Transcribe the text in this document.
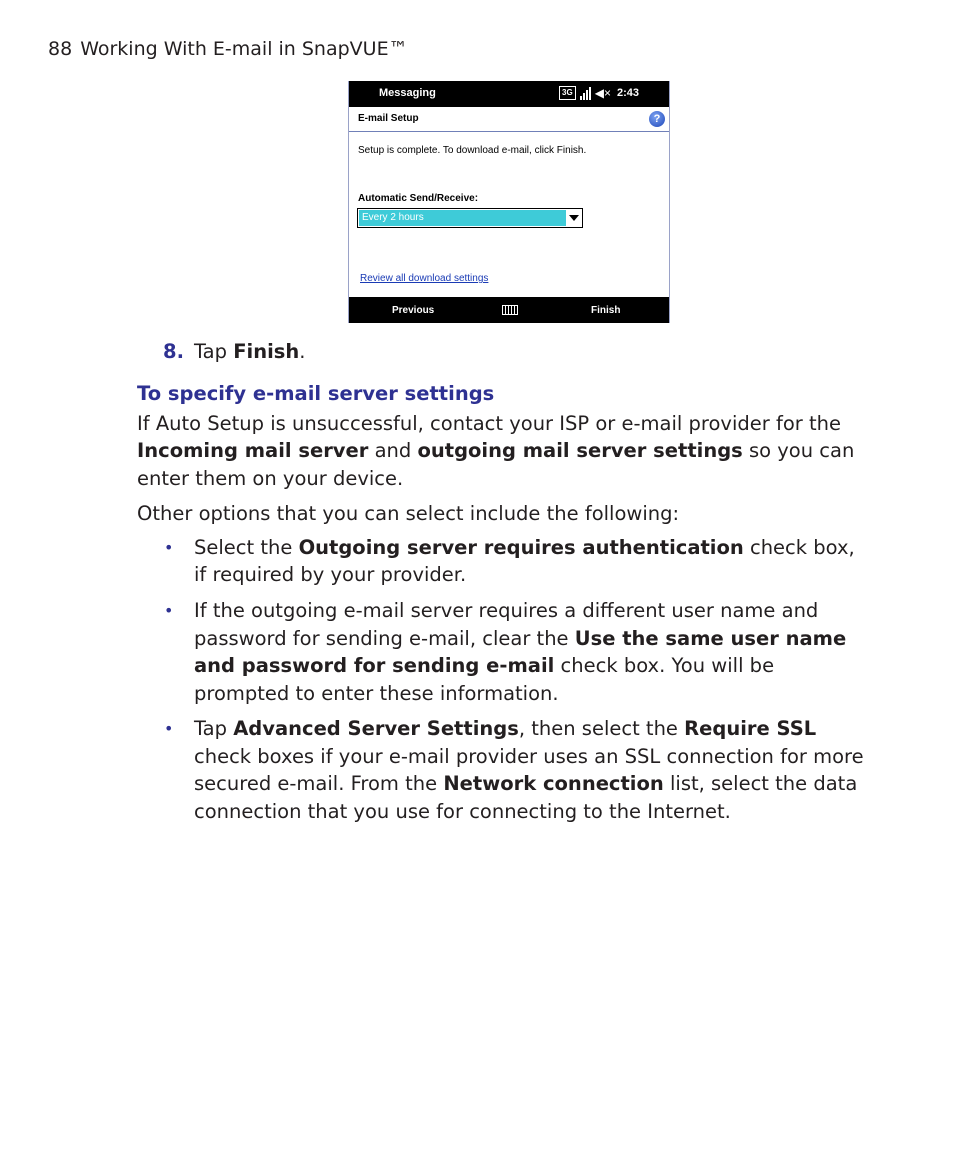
88 Working With E-mail in SnapVUE™
Messaging	3G ◀× 2:43
E-mail Setup	?
Setup is complete. To download e-mail, click Finish.
Automatic Send/Receive:
Every 2 hours
Review all download settings
Previous	Finish
8. Tap Finish.
To specify e-mail server settings

If Auto Setup is unsuccessful, contact your ISP or e-mail provider for the Incoming mail server and outgoing mail server settings so you can enter them on your device.

Other options that you can select include the following:

• Select the Outgoing server requires authentication check box, if required by your provider.
• If the outgoing e-mail server requires a different user name and password for sending e-mail, clear the Use the same user name and password for sending e-mail check box. You will be prompted to enter these information.
• Tap Advanced Server Settings, then select the Require SSL check boxes if your e-mail provider uses an SSL connection for more secured e-mail. From the Network connection list, select the data connection that you use for connecting to the Internet.
